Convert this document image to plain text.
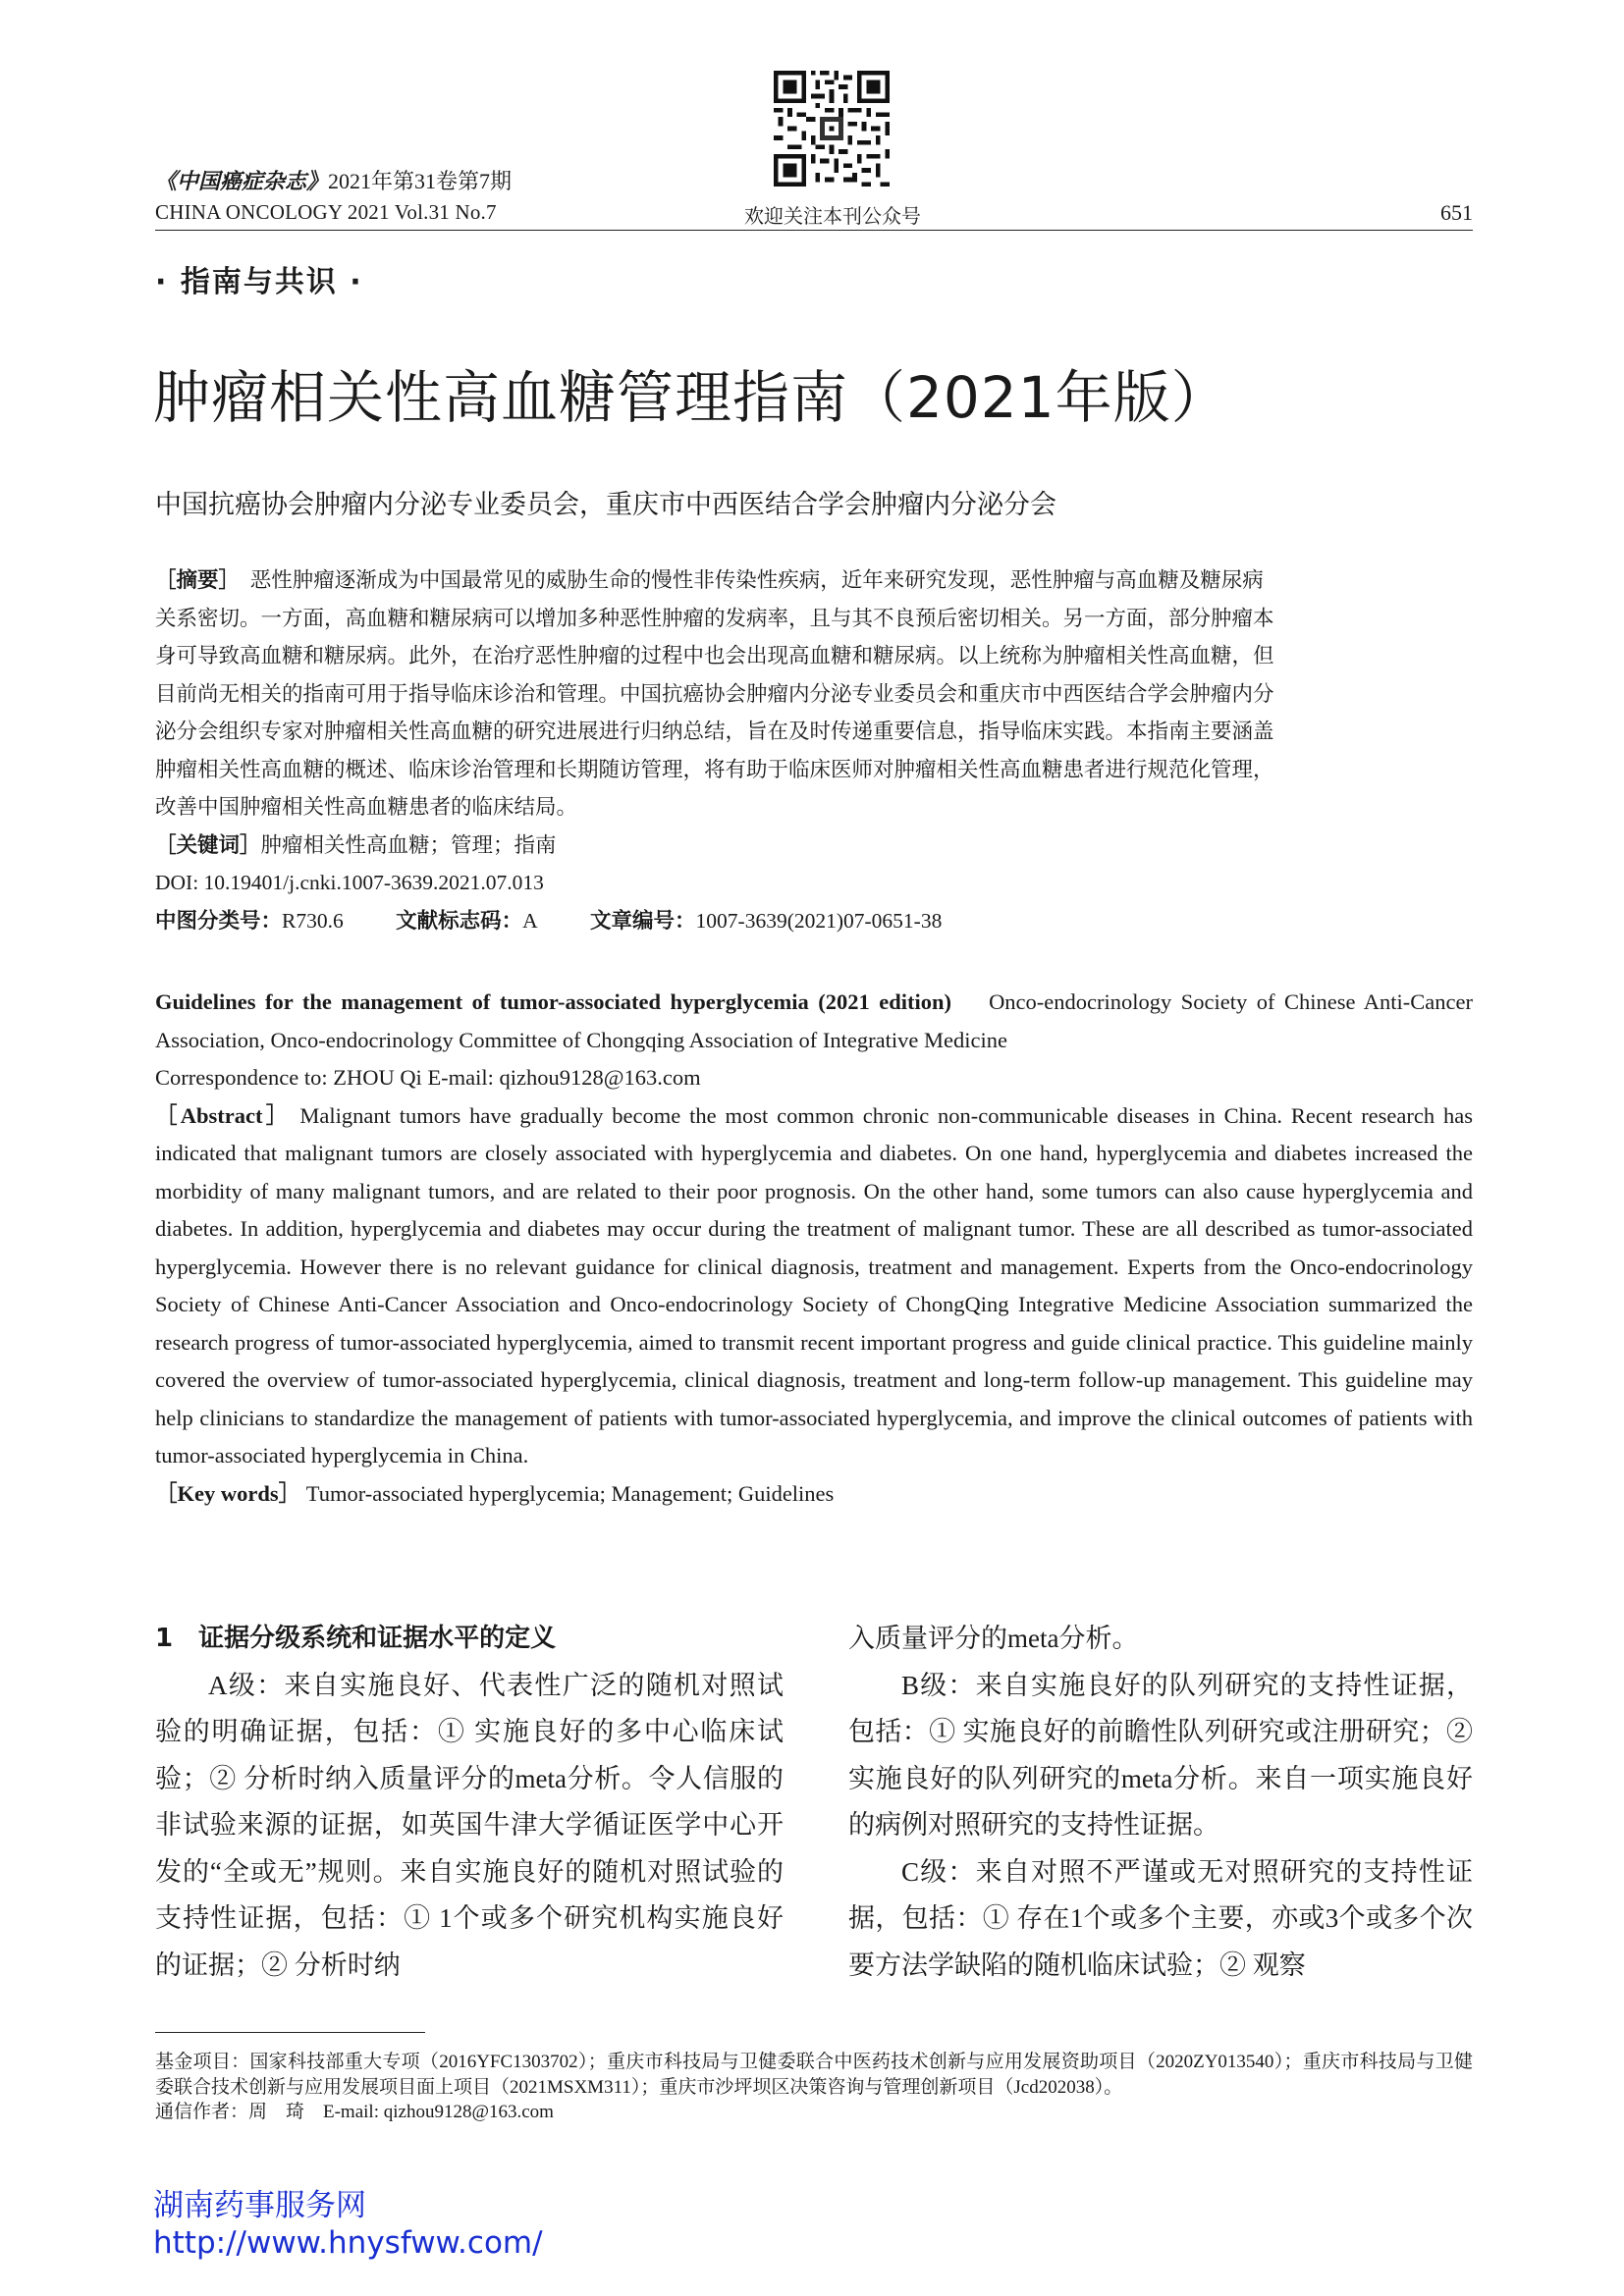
《中国癌症杂志》2021年第31卷第7期
CHINA ONCOLOGY 2021 Vol.31 No.7	欢迎关注本刊公众号	651
· 指南与共识 ·
肿瘤相关性高血糖管理指南（2021年版）
中国抗癌协会肿瘤内分泌专业委员会，重庆市中西医结合学会肿瘤内分泌分会
［摘要］　 恶性肿瘤逐渐成为中国最常见的威胁生命的慢性非传染性疾病，近年来研究发现，恶性肿瘤与高血糖及糖尿病
关系密切。一方面，高血糖和糖尿病可以增加多种恶性肿瘤的发病率，且与其不良预后密切相关。另一方面，部分肿瘤本
身可导致高血糖和糖尿病。此外，在治疗恶性肿瘤的过程中也会出现高血糖和糖尿病。以上统称为肿瘤相关性高血糖，但
目前尚无相关的指南可用于指导临床诊治和管理。中国抗癌协会肿瘤内分泌专业委员会和重庆市中西医结合学会肿瘤内分
泌分会组织专家对肿瘤相关性高血糖的研究进展进行归纳总结，旨在及时传递重要信息，指导临床实践。本指南主要涵盖
肿瘤相关性高血糖的概述、临床诊治管理和长期随访管理，将有助于临床医师对肿瘤相关性高血糖患者进行规范化管理，
改善中国肿瘤相关性高血糖患者的临床结局。
［关键词］肿瘤相关性高血糖；管理；指南
DOI: 10.19401/j.cnki.1007-3639.2021.07.013
中图分类号：R730.6 文献标志码：A 文章编号：1007-3639(2021)07-0651-38

Guidelines for the management of tumor-associated hyperglycemia (2021 edition) Onco-endocrinology Society of Chinese Anti-Cancer Association, Onco-endocrinology Committee of Chongqing Association of Integrative Medicine

Correspondence to: ZHOU Qi E-mail: qizhou9128@163.com

［Abstract］ Malignant tumors have gradually become the most common chronic non-communicable diseases in China. Recent research has indicated that malignant tumors are closely associated with hyperglycemia and diabetes. On one hand, hyperglycemia and diabetes increased the morbidity of many malignant tumors, and are related to their poor prognosis. On the other hand, some tumors can also cause hyperglycemia and diabetes. In addition, hyperglycemia and diabetes may occur during the treatment of malignant tumor. These are all described as tumor-associated hyperglycemia. However there is no relevant guidance for clinical diagnosis, treatment and management. Experts from the Onco-endocrinology Society of Chinese Anti-Cancer Association and Onco-endocrinology Society of ChongQing Integrative Medicine Association summarized the research progress of tumor-associated hyperglycemia, aimed to transmit recent important progress and guide clinical practice. This guideline mainly covered the overview of tumor-associated hyperglycemia, clinical diagnosis, treatment and long-term follow-up management. This guideline may help clinicians to standardize the management of patients with tumor-associated hyperglycemia, and improve the clinical outcomes of patients with tumor-associated hyperglycemia in China.

［Key words］ Tumor-associated hyperglycemia; Management; Guidelines

1　证据分级系统和证据水平的定义

A级：来自实施良好、代表性广泛的随机对照试验的明确证据，包括：① 实施良好的多中心临床试验；② 分析时纳入质量评分的meta分析。令人信服的非试验来源的证据，如英国牛津大学循证医学中心开发的“全或无”规则。来自实施良好的随机对照试验的支持性证据，包括：① 1个或多个研究机构实施良好的证据；② 分析时纳

入质量评分的meta分析。

B级：来自实施良好的队列研究的支持性证据，包括：① 实施良好的前瞻性队列研究或注册研究；② 实施良好的队列研究的meta分析。来自一项实施良好的病例对照研究的支持性证据。

C级：来自对照不严谨或无对照研究的支持性证据，包括：① 存在1个或多个主要，亦或3个或多个次要方法学缺陷的随机临床试验；② 观察

基金项目：国家科技部重大专项（2016YFC1303702）；重庆市科技局与卫健委联合中医药技术创新与应用发展资助项目（2020ZY013540）；重庆市科技局与卫健委联合技术创新与应用发展项目面上项目（2021MSXM311）；重庆市沙坪坝区决策咨询与管理创新项目（Jcd202038）。
通信作者：周　琦　E-mail: qizhou9128@163.com
湖南药事服务网
http://www.hnysfww.com/
